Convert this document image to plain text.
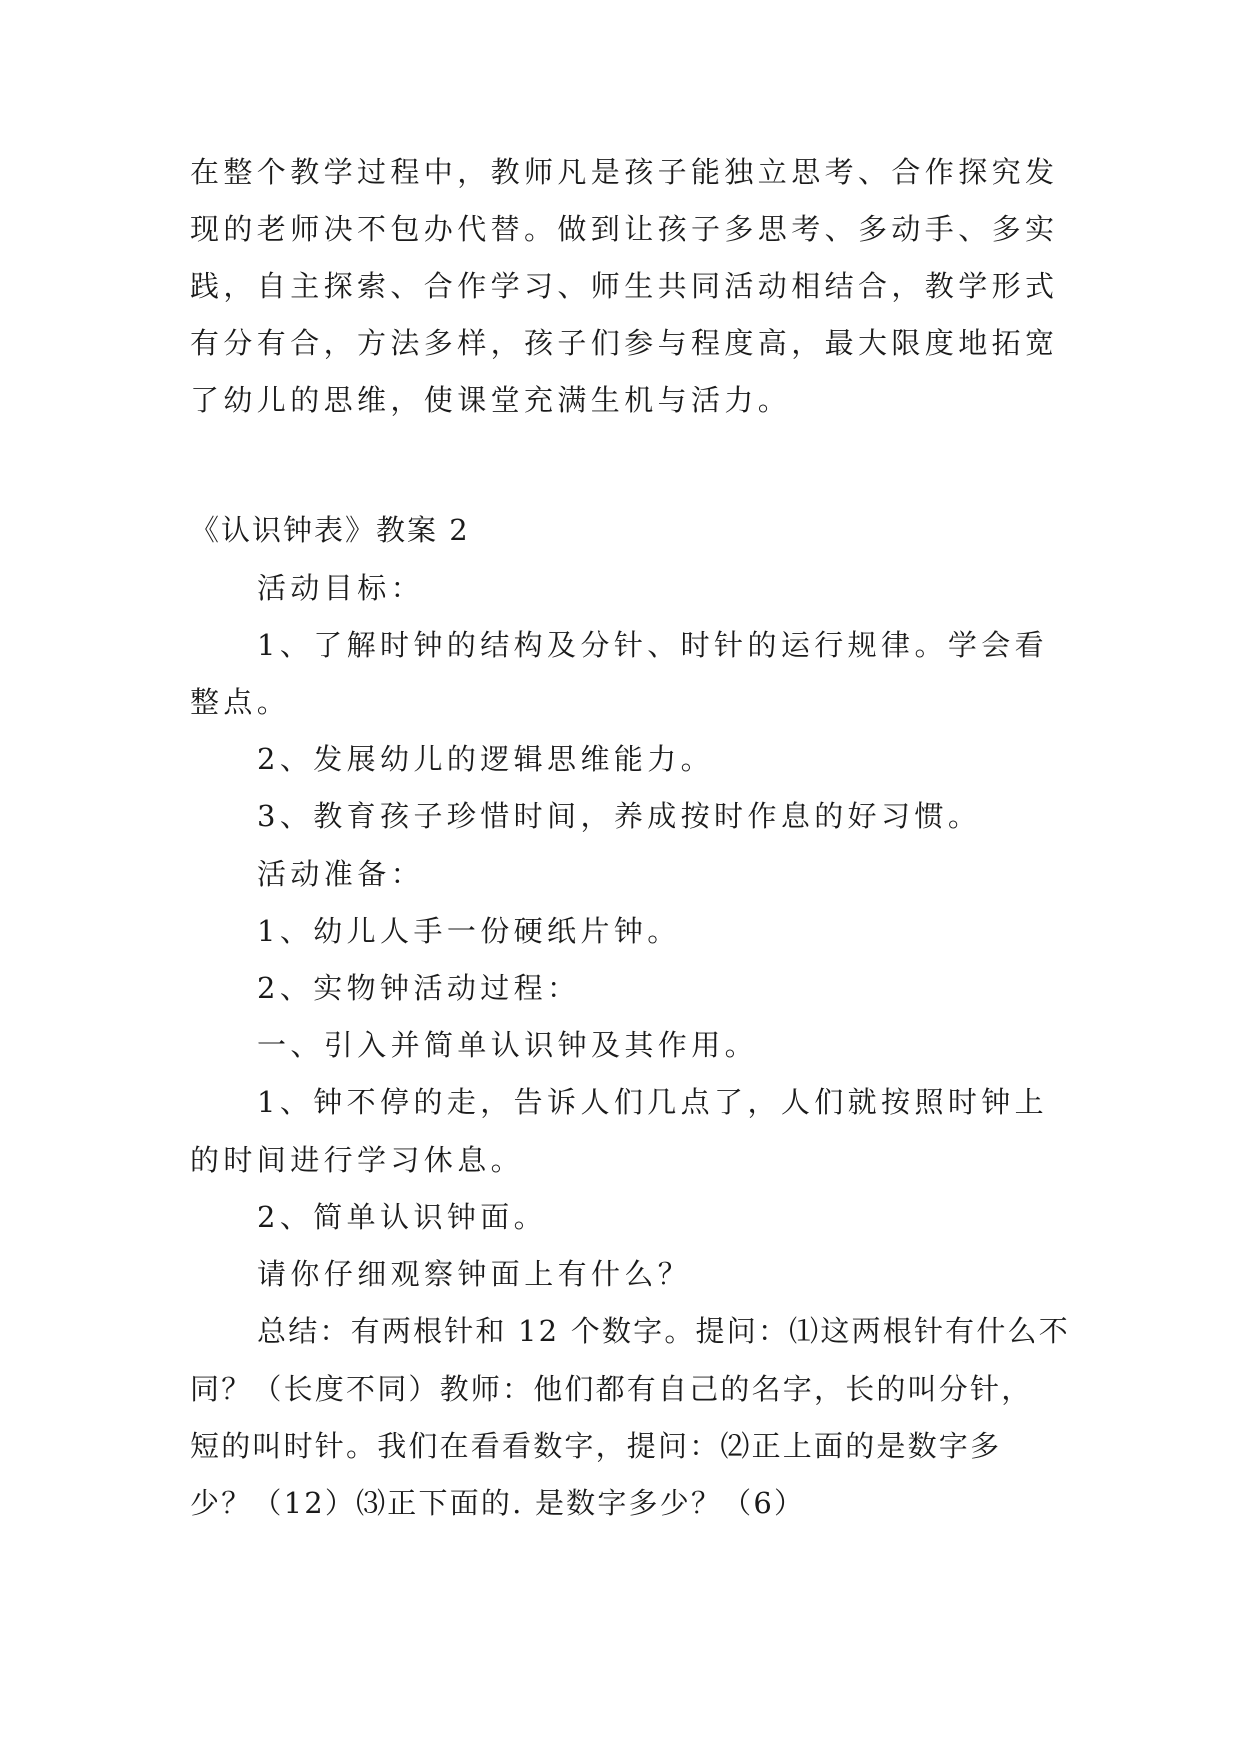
在整个教学过程中，教师凡是孩子能独立思考、合作探究发
现的老师决不包办代替。做到让孩子多思考、多动手、多实
践，自主探索、合作学习、师生共同活动相结合，教学形式
有分有合，方法多样，孩子们参与程度高，最大限度地拓宽
了幼儿的思维，使课堂充满生机与活力。
《认识钟表》教案 2
活动目标：
1、了解时钟的结构及分针、时针的运行规律。学会看
整点。
2、发展幼儿的逻辑思维能力。
3、教育孩子珍惜时间，养成按时作息的好习惯。
活动准备：
1、幼儿人手一份硬纸片钟。
2、实物钟活动过程：
一、引入并简单认识钟及其作用。
1、钟不停的走，告诉人们几点了，人们就按照时钟上
的时间进行学习休息。
2、简单认识钟面。
请你仔细观察钟面上有什么？
总结：有两根针和 12 个数字。提问：⑴这两根针有什么不
同？（长度不同）教师：他们都有自己的名字，长的叫分针，
短的叫时针。我们在看看数字，提问：⑵正上面的是数字多
少？（12）⑶正下面的. 是数字多少？（6）
